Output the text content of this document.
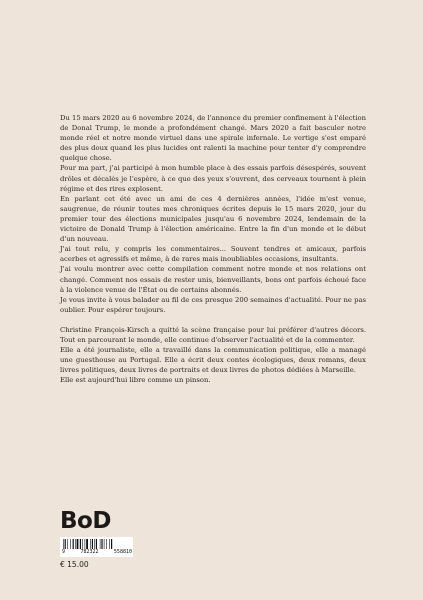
Du 15 mars 2020 au 6 novembre 2024, de l'annonce du premier confinement à l'élection de Donal Trump, le monde a profondément changé. Mars 2020 a fait basculer notre monde réel et notre monde virtuel dans une spirale infernale. Le vertige s'est emparé des plus doux quand les plus lucides ont ralenti la machine pour tenter d'y comprendre quelque chose.

Pour ma part, j'ai participé à mon humble place à des essais parfois désespérés, souvent drôles et décalés je l'espère, à ce que des yeux s'ouvrent, des cerveaux tournent à plein régime et des rires explosent.

En parlant cet été avec un ami de ces 4 dernières années, l'idée m'est venue, saugrenue, de réunir toutes mes chroniques écrites depuis le 15 mars 2020, jour du premier tour des élections municipales jusqu'au 6 novembre 2024, lendemain de la victoire de Donald Trump à l'élection américaine. Entre la fin d'un monde et le début d'un nouveau.

J'ai tout relu, y compris les commentaires... Souvent tendres et amicaux, parfois acerbes et agressifs et même, à de rares mais inoubliables occasions, insultants.

J'ai voulu montrer avec cette compilation comment notre monde et nos relations ont changé. Comment nos essais de rester unis, bienveillants, bons ont parfois échoué face à la violence venue de l'État ou de certains abonnés.

Je vous invite à vous balader au fil de ces presque 200 semaines d'actualité. Pour ne pas oublier. Pour espérer toujours.

Christine François-Kirsch a quitté la scène française pour lui préférer d'autres décors. Tout en parcourant le monde, elle continue d'observer l'actualité et de la commenter.

Elle a été journaliste, elle a travaillé dans la communication politique, elle a managé une guesthouse au Portugal. Elle a écrit deux contes écologiques, deux romans, deux livres politiques, deux livres de portraits et deux livres de photos dédiées à Marseille.

Elle est aujourd'hui libre comme un pinson.

BoD
9	782322	558810
€ 15.00
